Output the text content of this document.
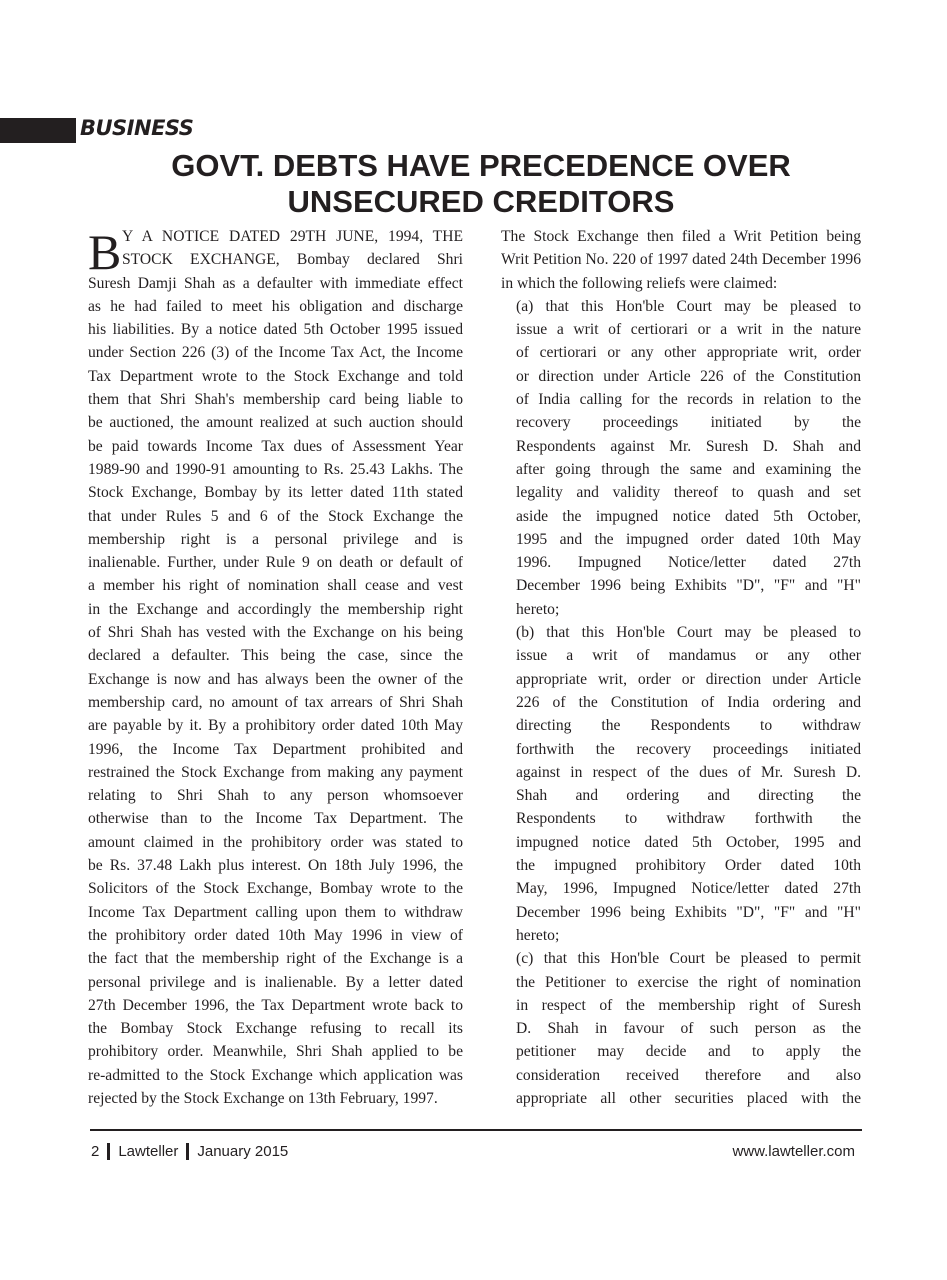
BUSINESS
GOVT. DEBTS HAVE PRECEDENCE OVER
UNSECURED CREDITORS
B Y A NOTICE DATED 29TH JUNE, 1994, THE
STOCK EXCHANGE, Bombay declared Shri
Suresh Damji Shah as a defaulter with immediate effect
as he had failed to meet his obligation and discharge
his liabilities. By a notice dated 5th October 1995 issued
under Section 226 (3) of the Income Tax Act, the Income
Tax Department wrote to the Stock Exchange and told
them that Shri Shah's membership card being liable to
be auctioned, the amount realized at such auction should
be paid towards Income Tax dues of Assessment Year
1989-90 and 1990-91 amounting to Rs. 25.43 Lakhs. The
Stock Exchange, Bombay by its letter dated 11th stated
that under Rules 5 and 6 of the Stock Exchange the
membership right is a personal privilege and is
inalienable. Further, under Rule 9 on death or default of
a member his right of nomination shall cease and vest
in the Exchange and accordingly the membership right
of Shri Shah has vested with the Exchange on his being
declared a defaulter. This being the case, since the
Exchange is now and has always been the owner of the
membership card, no amount of tax arrears of Shri Shah
are payable by it. By a prohibitory order dated 10th May
1996, the Income Tax Department prohibited and
restrained the Stock Exchange from making any payment
relating to Shri Shah to any person whomsoever
otherwise than to the Income Tax Department. The
amount claimed in the prohibitory order was stated to
be Rs. 37.48 Lakh plus interest. On 18th July 1996, the
Solicitors of the Stock Exchange, Bombay wrote to the
Income Tax Department calling upon them to withdraw
the prohibitory order dated 10th May 1996 in view of
the fact that the membership right of the Exchange is a
personal privilege and is inalienable. By a letter dated
27th December 1996, the Tax Department wrote back to
the Bombay Stock Exchange refusing to recall its
prohibitory order. Meanwhile, Shri Shah applied to be
re-admitted to the Stock Exchange which application was
rejected by the Stock Exchange on 13th February, 1997.
The Stock Exchange then filed a Writ Petition being
Writ Petition No. 220 of 1997 dated 24th December 1996
in which the following reliefs were claimed:
(a) that this Hon'ble Court may be pleased to
issue a writ of certiorari or a writ in the nature
of certiorari or any other appropriate writ, order
or direction under Article 226 of the Constitution
of India calling for the records in relation to the
recovery proceedings initiated by the
Respondents against Mr. Suresh D. Shah and
after going through the same and examining the
legality and validity thereof to quash and set
aside the impugned notice dated 5th October,
1995 and the impugned order dated 10th May
1996. Impugned Notice/letter dated 27th
December 1996 being Exhibits "D", "F" and "H"
hereto;
(b) that this Hon'ble Court may be pleased to
issue a writ of mandamus or any other
appropriate writ, order or direction under Article
226 of the Constitution of India ordering and
directing the Respondents to withdraw
forthwith the recovery proceedings initiated
against in respect of the dues of Mr. Suresh D.
Shah and ordering and directing the
Respondents to withdraw forthwith the
impugned notice dated 5th October, 1995 and
the impugned prohibitory Order dated 10th
May, 1996, Impugned Notice/letter dated 27th
December 1996 being Exhibits "D", "F" and "H"
hereto;
(c) that this Hon'ble Court be pleased to permit
the Petitioner to exercise the right of nomination
in respect of the membership right of Suresh
D. Shah in favour of such person as the
petitioner may decide and to apply the
consideration received therefore and also
appropriate all other securities placed with the
2 Lawteller January 2015	www.lawteller.com
